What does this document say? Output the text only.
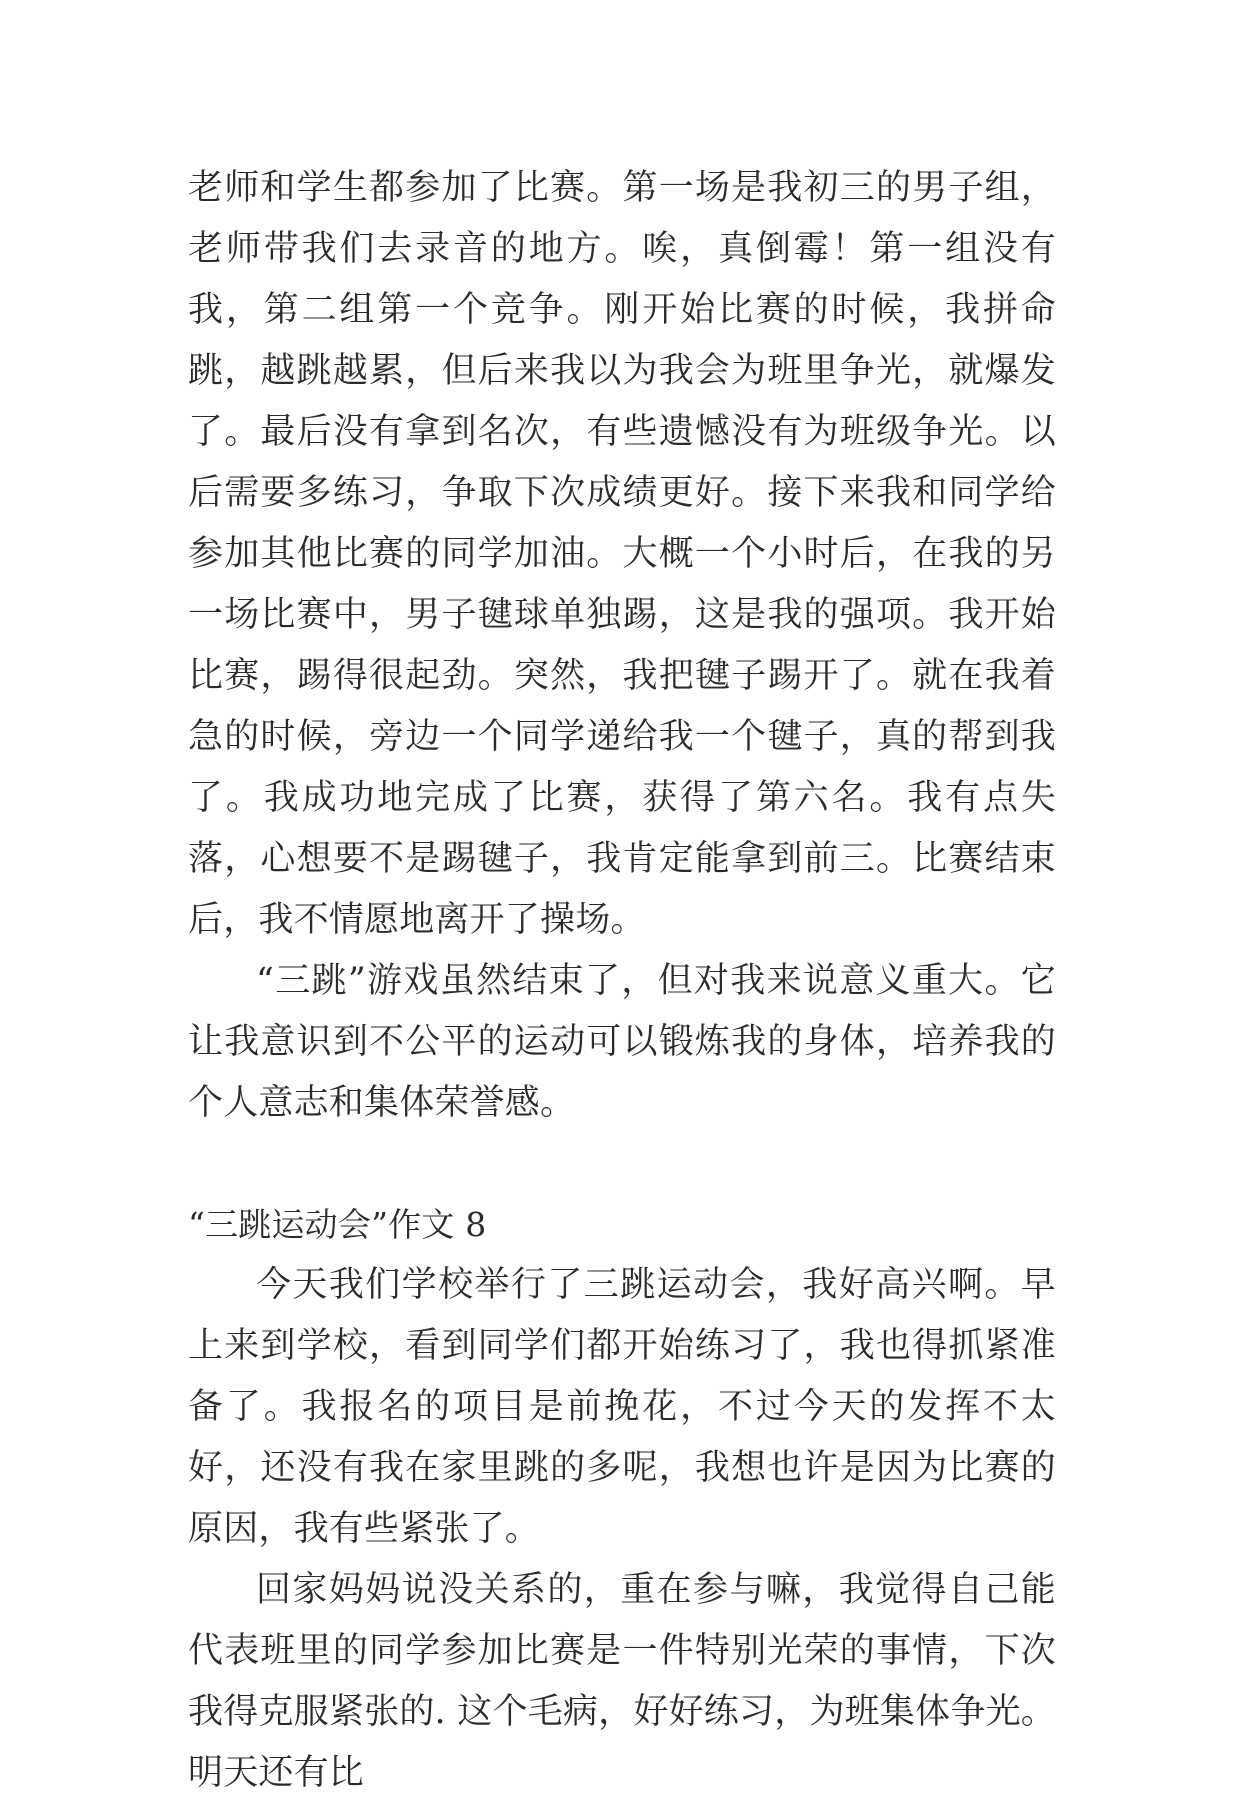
老师和学生都参加了比赛。第一场是我初三的男子组，老师带我们去录音的地方。唉，真倒霉！第一组没有我，第二组第一个竞争。刚开始比赛的时候，我拼命跳，越跳越累，但后来我以为我会为班里争光，就爆发了。最后没有拿到名次，有些遗憾没有为班级争光。以后需要多练习，争取下次成绩更好。接下来我和同学给参加其他比赛的同学加油。大概一个小时后，在我的另一场比赛中，男子毽球单独踢，这是我的强项。我开始比赛，踢得很起劲。突然，我把毽子踢开了。就在我着急的时候，旁边一个同学递给我一个毽子，真的帮到我了。我成功地完成了比赛，获得了第六名。我有点失落，心想要不是踢毽子，我肯定能拿到前三。比赛结束后，我不情愿地离开了操场。

“三跳”游戏虽然结束了，但对我来说意义重大。它让我意识到不公平的运动可以锻炼我的身体，培养我的个人意志和集体荣誉感。

“三跳运动会”作文 8

今天我们学校举行了三跳运动会，我好高兴啊。早上来到学校，看到同学们都开始练习了，我也得抓紧准备了。我报名的项目是前挽花，不过今天的发挥不太好，还没有我在家里跳的多呢，我想也许是因为比赛的原因，我有些紧张了。

回家妈妈说没关系的，重在参与嘛，我觉得自己能代表班里的同学参加比赛是一件特别光荣的事情，下次我得克服紧张的. 这个毛病，好好练习，为班集体争光。明天还有比
